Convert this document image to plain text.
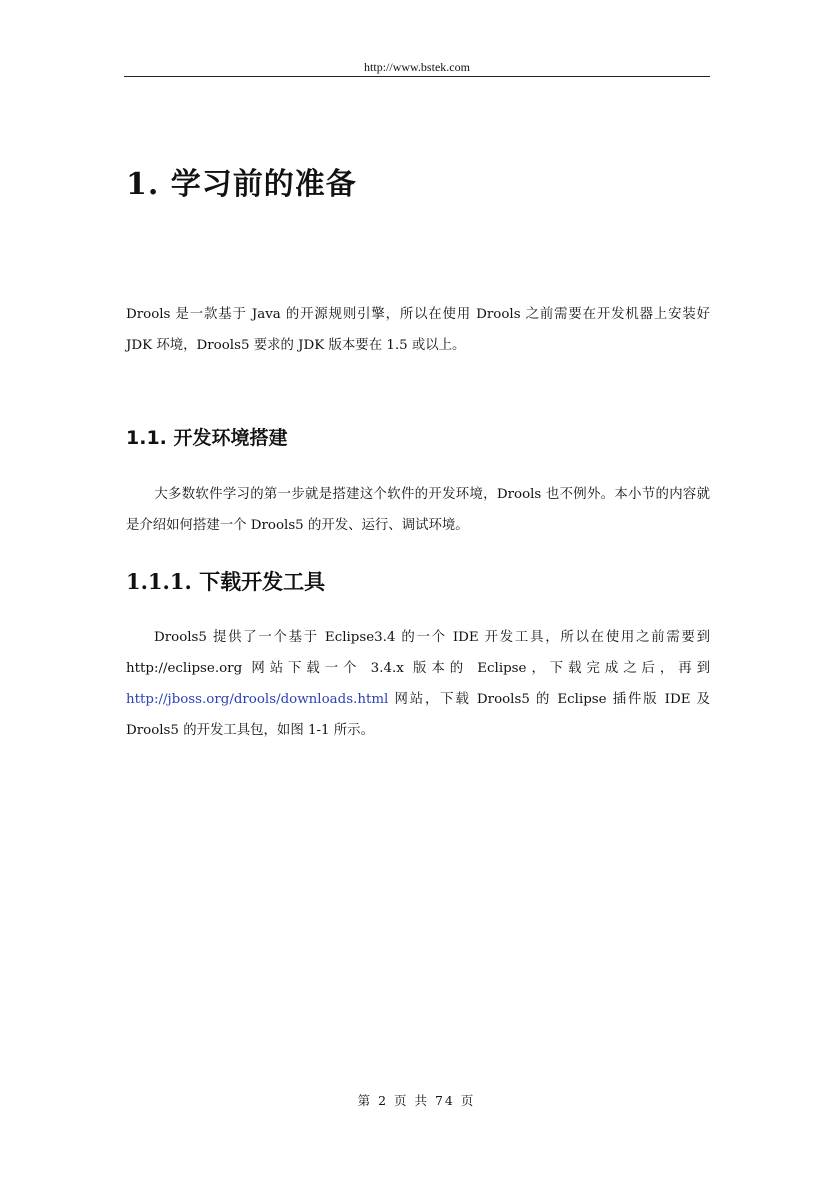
http://www.bstek.com
1. 学习前的准备

Drools 是一款基于 Java 的开源规则引擎，所以在使用 Drools 之前需要在开发机器上安装好 JDK 环境，Drools5 要求的 JDK 版本要在 1.5 或以上。

1.1. 开发环境搭建

大多数软件学习的第一步就是搭建这个软件的开发环境，Drools 也不例外。本小节的内容就是介绍如何搭建一个 Drools5 的开发、运行、调试环境。

1.1.1. 下载开发工具

Drools5 提供了一个基于 Eclipse3.4 的一个 IDE 开发工具，所以在使用之前需要到 http://eclipse.org 网站下载一个 3.4.x 版本的 Eclipse，下载完成之后，再到 http://jboss.org/drools/downloads.html 网站，下载 Drools5 的 Eclipse 插件版 IDE 及 Drools5 的开发工具包，如图 1-1 所示。

第 2 页 共 74 页
